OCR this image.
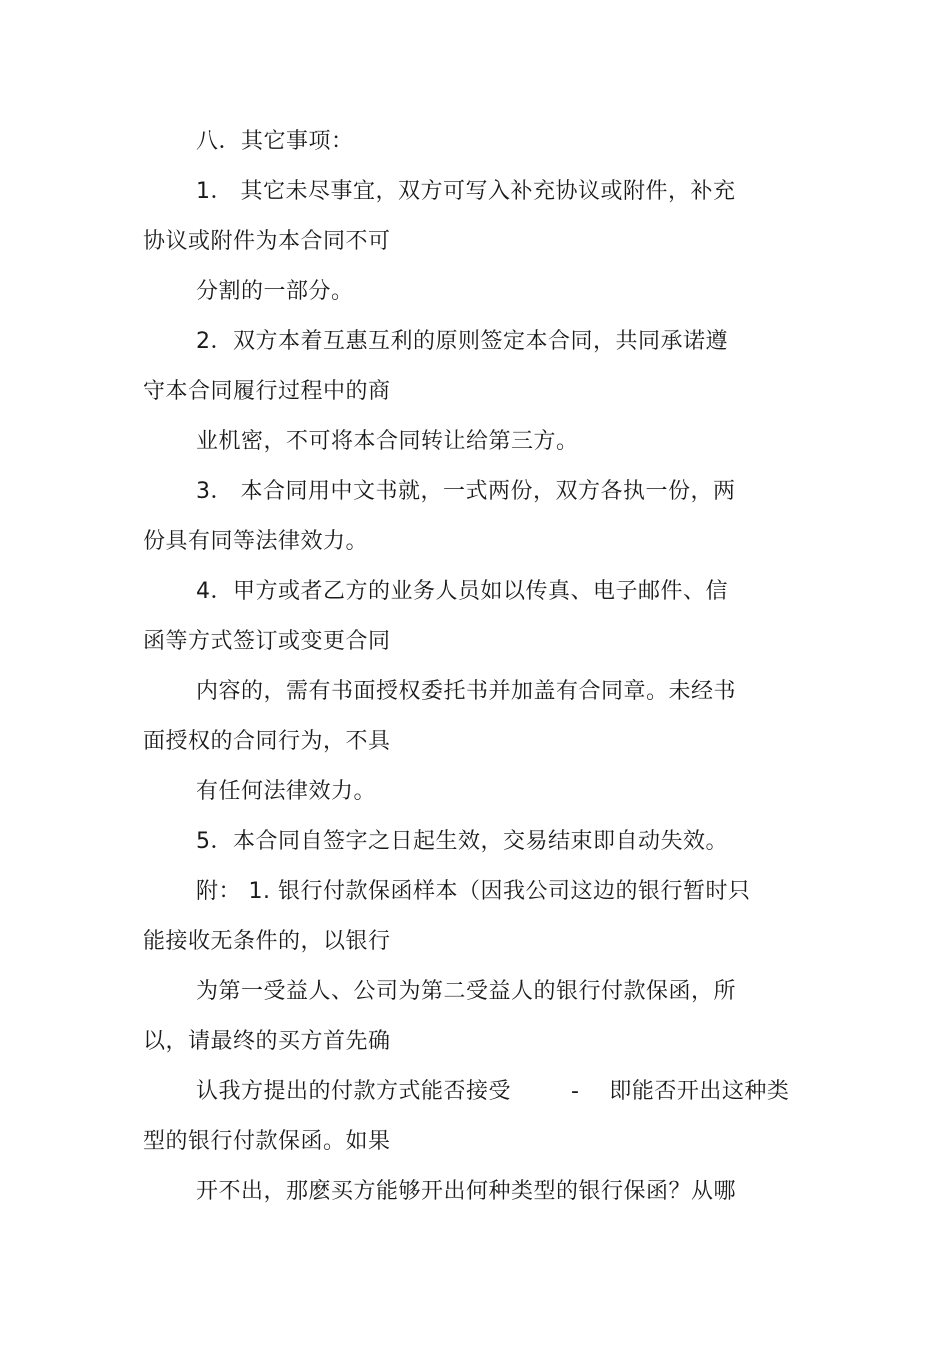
八．其它事项：
1． 其它未尽事宜，双方可写入补充协议或附件，补充
协议或附件为本合同不可
分割的一部分。
2．双方本着互惠互利的原则签定本合同，共同承诺遵
守本合同履行过程中的商
业机密，不可将本合同转让给第三方。
3． 本合同用中文书就，一式两份，双方各执一份，两
份具有同等法律效力。
4．甲方或者乙方的业务人员如以传真、电子邮件、信
函等方式签订或变更合同
内容的，需有书面授权委托书并加盖有合同章。未经书
面授权的合同行为，不具
有任何法律效力。
5．本合同自签字之日起生效，交易结束即自动失效。
附： 1. 银行付款保函样本（因我公司这边的银行暂时只
能接收无条件的，以银行
为第一受益人、公司为第二受益人的银行付款保函，所
以，请最终的买方首先确
认我方提出的付款方式能否接受        -    即能否开出这种类
型的银行付款保函。如果
开不出，那麽买方能够开出何种类型的银行保函？从哪
